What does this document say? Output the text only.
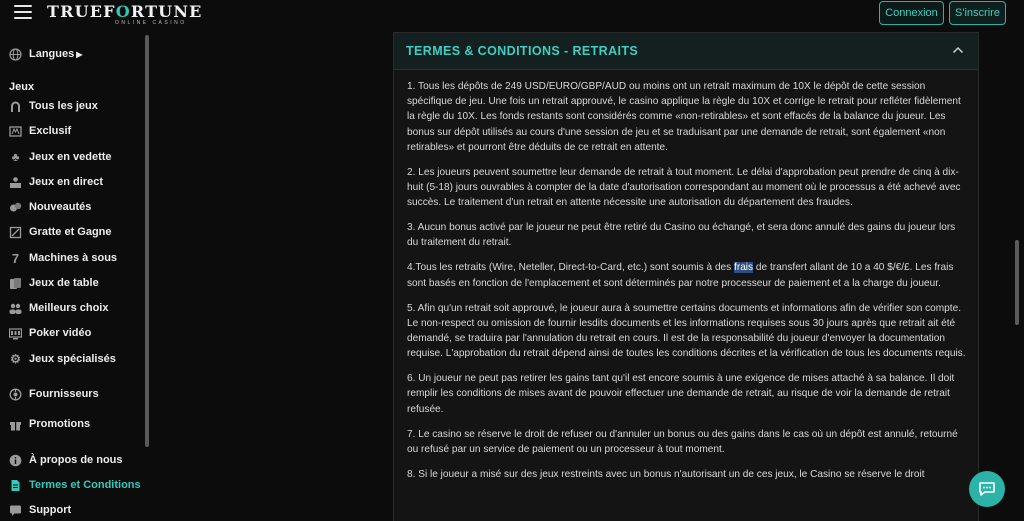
TRUEFORTUNE
ONLINE CASINO
Connexion	S'inscrire
Langues ▶
Jeux
Tous les jeux
Exclusif
♣ Jeux en vedette
Jeux en direct
Nouveautés
Gratte et Gagne
7 Machines à sous
Jeux de table
Meilleurs choix
Poker vidéo
⚙ Jeux spécialisés
Fournisseurs
Promotions
À propos de nous
Termes et Conditions
Support
TERMES & CONDITIONS - RETRAITS

1. Tous les dépôts de 249 USD/EURO/GBP/AUD ou moins ont un retrait maximum de 10X le dépôt de cette session spécifique de jeu. Une fois un retrait approuvé, le casino applique la règle du 10X et corrige le retrait pour refléter fidèlement la règle du 10X. Les fonds restants sont considérés comme «non-retirables» et sont effacés de la balance du joueur. Les bonus sur dépôt utilisés au cours d'une session de jeu et se traduisant par une demande de retrait, sont également «non retirables» et pourront être déduits de ce retrait en attente.

2. Les joueurs peuvent soumettre leur demande de retrait à tout moment. Le délai d'approbation peut prendre de cinq à dix-huit (5-18) jours ouvrables à compter de la date d'autorisation correspondant au moment où le processus a été achevé avec succès. Le traitement d'un retrait en attente nécessite une autorisation du département des fraudes.

3. Aucun bonus activé par le joueur ne peut être retiré du Casino ou échangé, et sera donc annulé des gains du joueur lors du traitement du retrait.

4.Tous les retraits (Wire, Neteller, Direct-to-Card, etc.) sont soumis à des frais de transfert allant de 10 a 40 $/€/£. Les frais sont basés en fonction de l'emplacement et sont déterminés par notre processeur de paiement et a la charge du joueur.

5. Afin qu'un retrait soit approuvé, le joueur aura à soumettre certains documents et informations afin de vérifier son compte. Le non-respect ou omission de fournir lesdits documents et les informations requises sous 30 jours après que retrait ait été demandé, se traduira par l'annulation du retrait en cours. Il est de la responsabilité du joueur d'envoyer la documentation requise. L'approbation du retrait dépend ainsi de toutes les conditions décrites et la vérification de tous les documents requis.

6. Un joueur ne peut pas retirer les gains tant qu'il est encore soumis à une exigence de mises attaché à sa balance. Il doit remplir les conditions de mises avant de pouvoir effectuer une demande de retrait, au risque de voir la demande de retrait refusée.

7. Le casino se réserve le droit de refuser ou d'annuler un bonus ou des gains dans le cas où un dépôt est annulé, retourné ou refusé par un service de paiement ou un processeur à tout moment.

8. Si le joueur a misé sur des jeux restreints avec un bonus n'autorisant un de ces jeux, le Casino se réserve le droit
